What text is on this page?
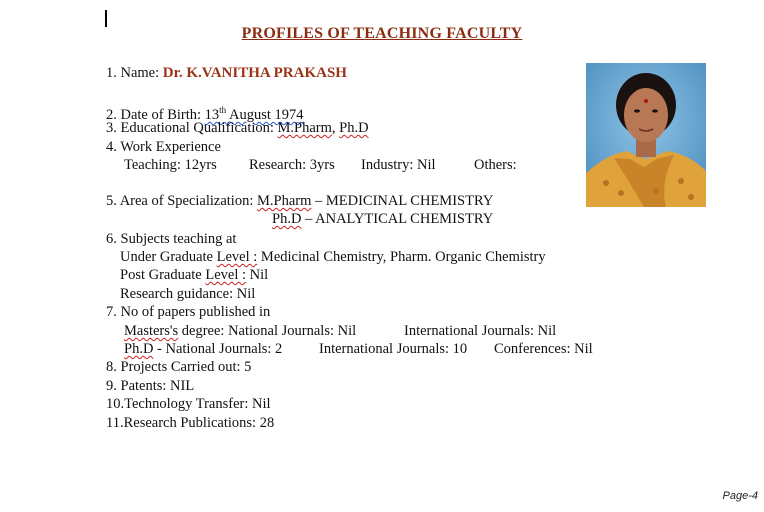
PROFILES OF TEACHING FACULTY
1. Name: Dr. K.VANITHA PRAKASH
2. Date of Birth: 13th August 1974
3. Educational Qualification: M.Pharm, Ph.D
4. Work Experience
Teaching: 12yrs Research: 3yrs Industry: Nil	Others:
5. Area of Specialization: M.Pharm – MEDICINAL CHEMISTRY
Ph.D – ANALYTICAL CHEMISTRY
6. Subjects teaching at
Under Graduate Level : Medicinal Chemistry, Pharm. Organic Chemistry
Post Graduate Level : Nil
Research guidance: Nil
7. No of papers published in
Masters's degree: National Journals: Nil	International Journals: Nil
Ph.D - National Journals: 2	International Journals: 10 Conferences: Nil
8. Projects Carried out: 5
9. Patents: NIL
10.Technology Transfer: Nil
11.Research Publications: 28
Page-4
